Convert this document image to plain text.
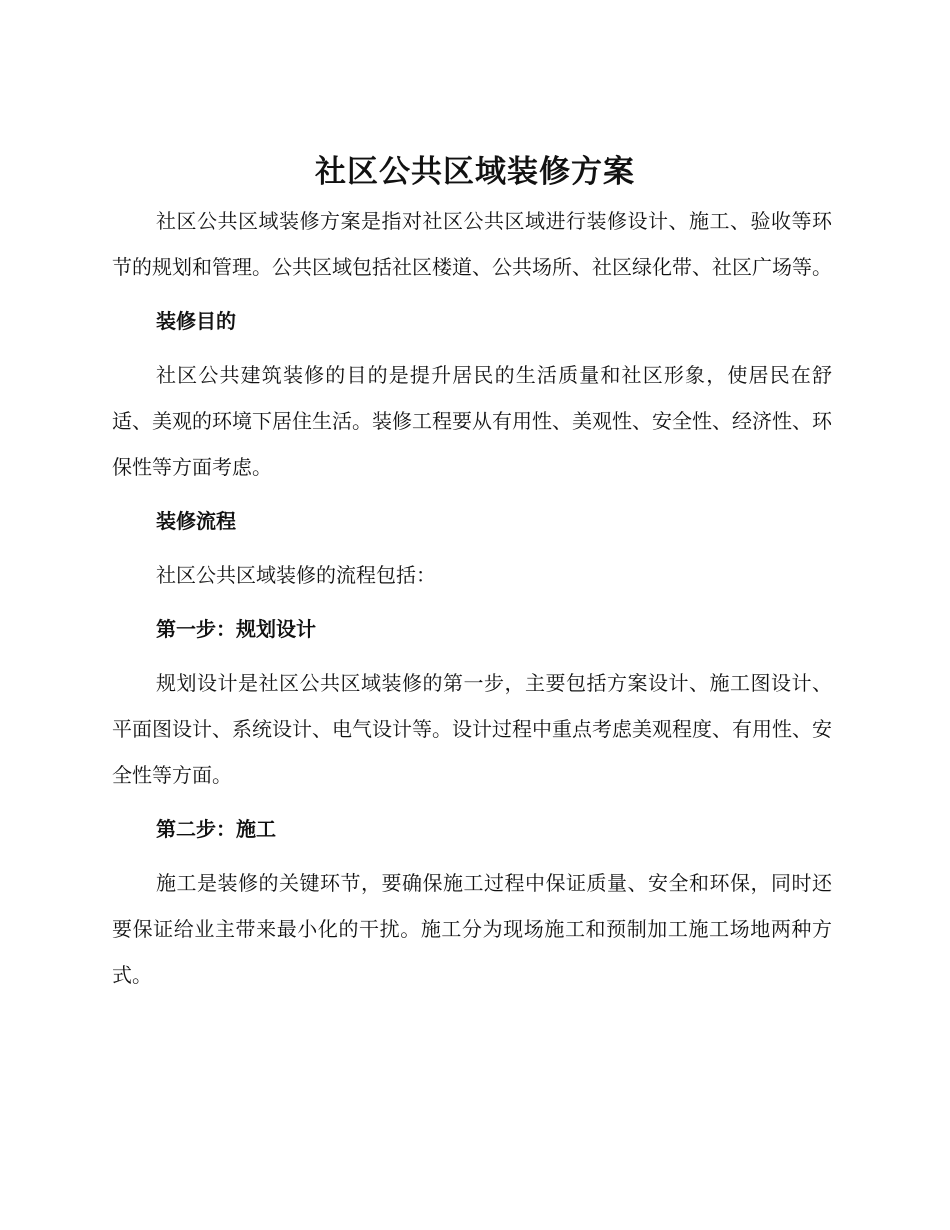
社区公共区域装修方案

社区公共区域装修方案是指对社区公共区域进行装修设计、施工、验收等环节的规划和管理。公共区域包括社区楼道、公共场所、社区绿化带、社区广场等。

装修目的

社区公共建筑装修的目的是提升居民的生活质量和社区形象，使居民在舒适、美观的环境下居住生活。装修工程要从有用性、美观性、安全性、经济性、环保性等方面考虑。

装修流程

社区公共区域装修的流程包括：

第一步：规划设计

规划设计是社区公共区域装修的第一步，主要包括方案设计、施工图设计、平面图设计、系统设计、电气设计等。设计过程中重点考虑美观程度、有用性、安全性等方面。

第二步：施工

施工是装修的关键环节，要确保施工过程中保证质量、安全和环保，同时还要保证给业主带来最小化的干扰。施工分为现场施工和预制加工施工场地两种方式。
